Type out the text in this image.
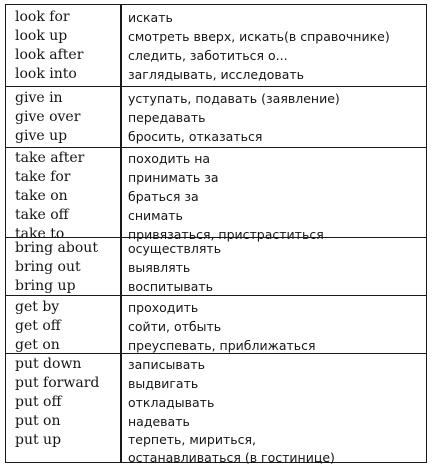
look for	искать
look up	смотреть вверх, искать(в справочнике)
look after	следить, заботиться о...
look into	заглядывать, исследовать
give in	уступать, подавать (заявление)
give over	передавать
give up	бросить, отказаться
take after	походить на
take for	принимать за
take on	браться за
take off	снимать
take to	привязаться, пристраститься
bring about осуществлять
bring out	выявлять
bring up	воспитывать
get by	проходить
get off	сойти, отбыть
get on	преуспевать, приближаться
put down	записывать
put forward выдвигать
put off	откладывать
put on	надевать
put up	терпеть, мириться,
останавливаться (в гостинице)
